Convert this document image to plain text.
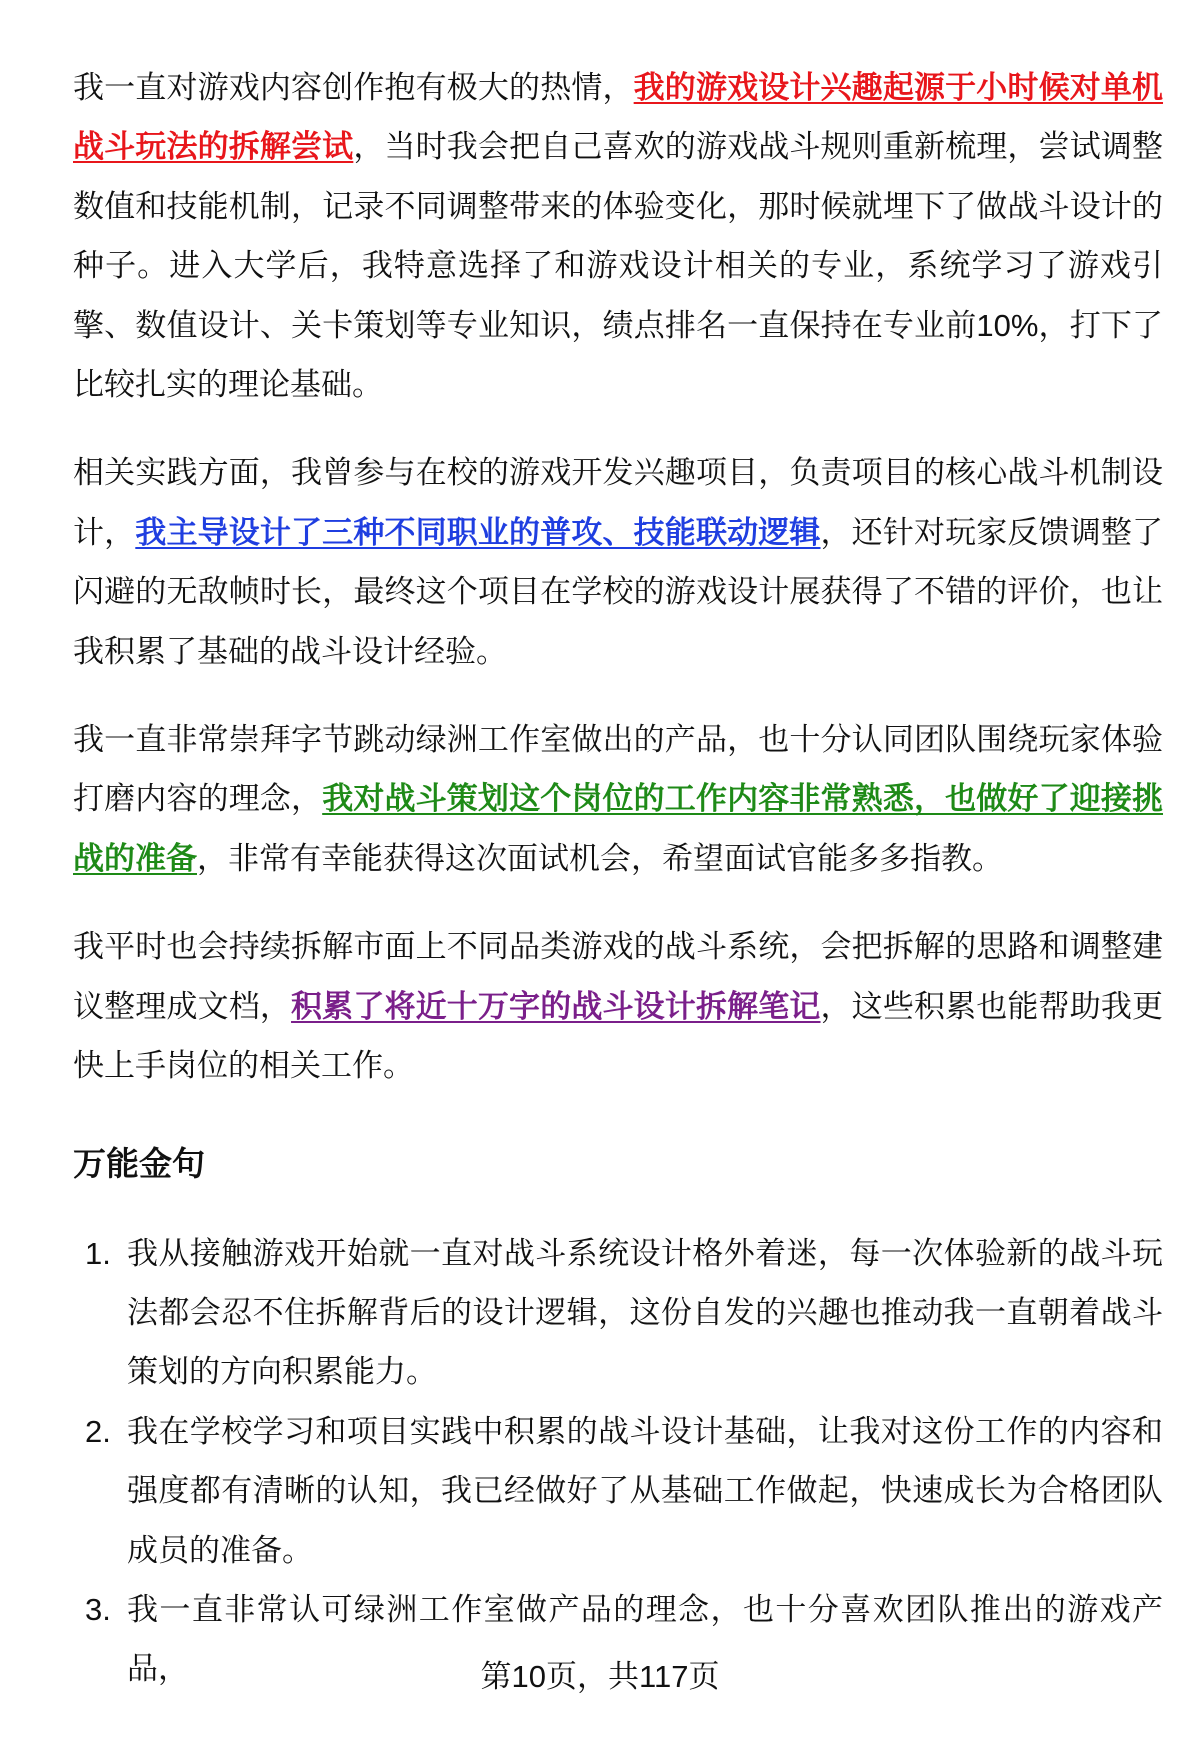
我一直对游戏内容创作抱有极大的热情，我的游戏设计兴趣起源于小时候对单机战斗玩法的拆解尝试，当时我会把自己喜欢的游戏战斗规则重新梳理，尝试调整数值和技能机制，记录不同调整带来的体验变化，那时候就埋下了做战斗设计的种子。进入大学后，我特意选择了和游戏设计相关的专业，系统学习了游戏引擎、数值设计、关卡策划等专业知识，绩点排名一直保持在专业前10%，打下了比较扎实的理论基础。

相关实践方面，我曾参与在校的游戏开发兴趣项目，负责项目的核心战斗机制设计，我主导设计了三种不同职业的普攻、技能联动逻辑，还针对玩家反馈调整了闪避的无敌帧时长，最终这个项目在学校的游戏设计展获得了不错的评价，也让我积累了基础的战斗设计经验。

我一直非常崇拜字节跳动绿洲工作室做出的产品，也十分认同团队围绕玩家体验打磨内容的理念，我对战斗策划这个岗位的工作内容非常熟悉，也做好了迎接挑战的准备，非常有幸能获得这次面试机会，希望面试官能多多指教。

我平时也会持续拆解市面上不同品类游戏的战斗系统，会把拆解的思路和调整建议整理成文档，积累了将近十万字的战斗设计拆解笔记，这些积累也能帮助我更快上手岗位的相关工作。

万能金句
1. 我从接触游戏开始就一直对战斗系统设计格外着迷，每一次体验新的战斗玩法都会忍不住拆解背后的设计逻辑，这份自发的兴趣也推动我一直朝着战斗策划的方向积累能力。
2. 我在学校学习和项目实践中积累的战斗设计基础，让我对这份工作的内容和强度都有清晰的认知，我已经做好了从基础工作做起，快速成长为合格团队成员的准备。
3. 我一直非常认可绿洲工作室做产品的理念，也十分喜欢团队推出的游戏产品，	第10页，共117页
